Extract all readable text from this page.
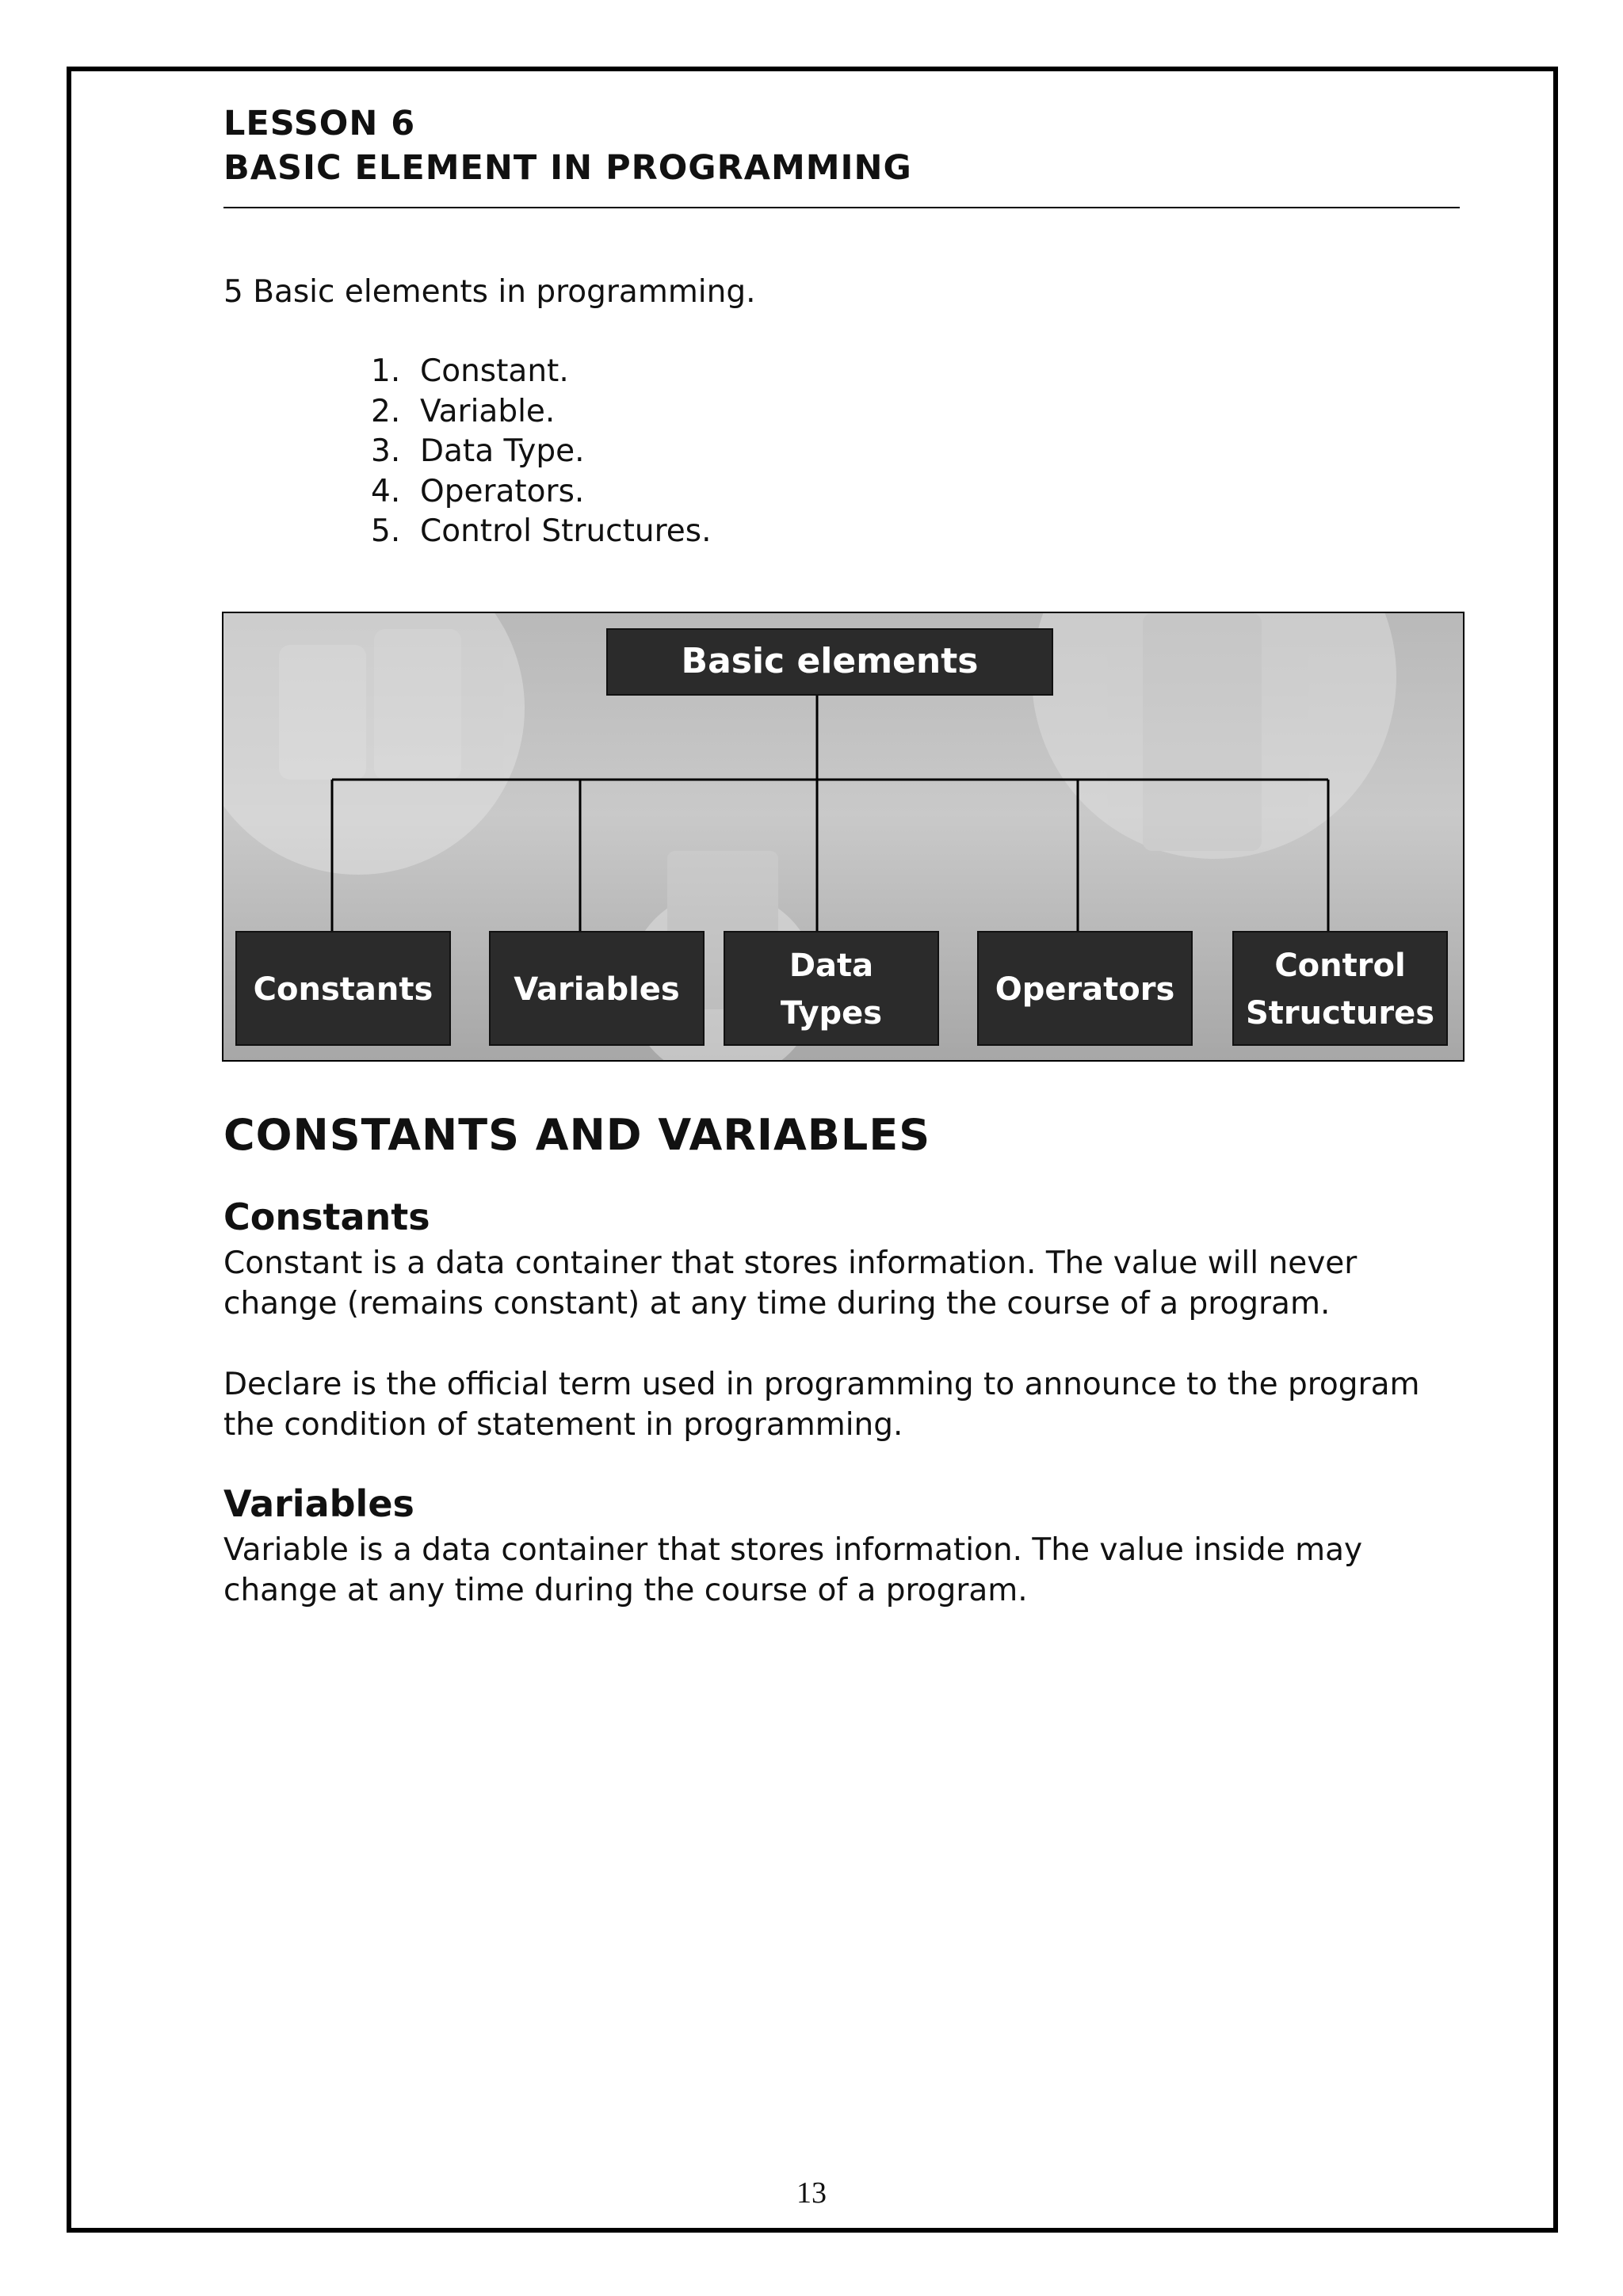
LESSON 6
BASIC ELEMENT IN PROGRAMMING
5 Basic elements in programming.
1. Constant.
2. Variable.
3. Data Type.
4. Operators.
5. Control Structures.
Basic elements
Constants	Variables
Data
Types
Operators
Control
Structures
CONSTANTS AND VARIABLES
Constants
Constant is a data container that stores information. The value will never
change (remains constant) at any time during the course of a program.
Declare is the official term used in programming to announce to the program
the condition of statement in programming.
Variables
Variable is a data container that stores information. The value inside may
change at any time during the course of a program.
13
